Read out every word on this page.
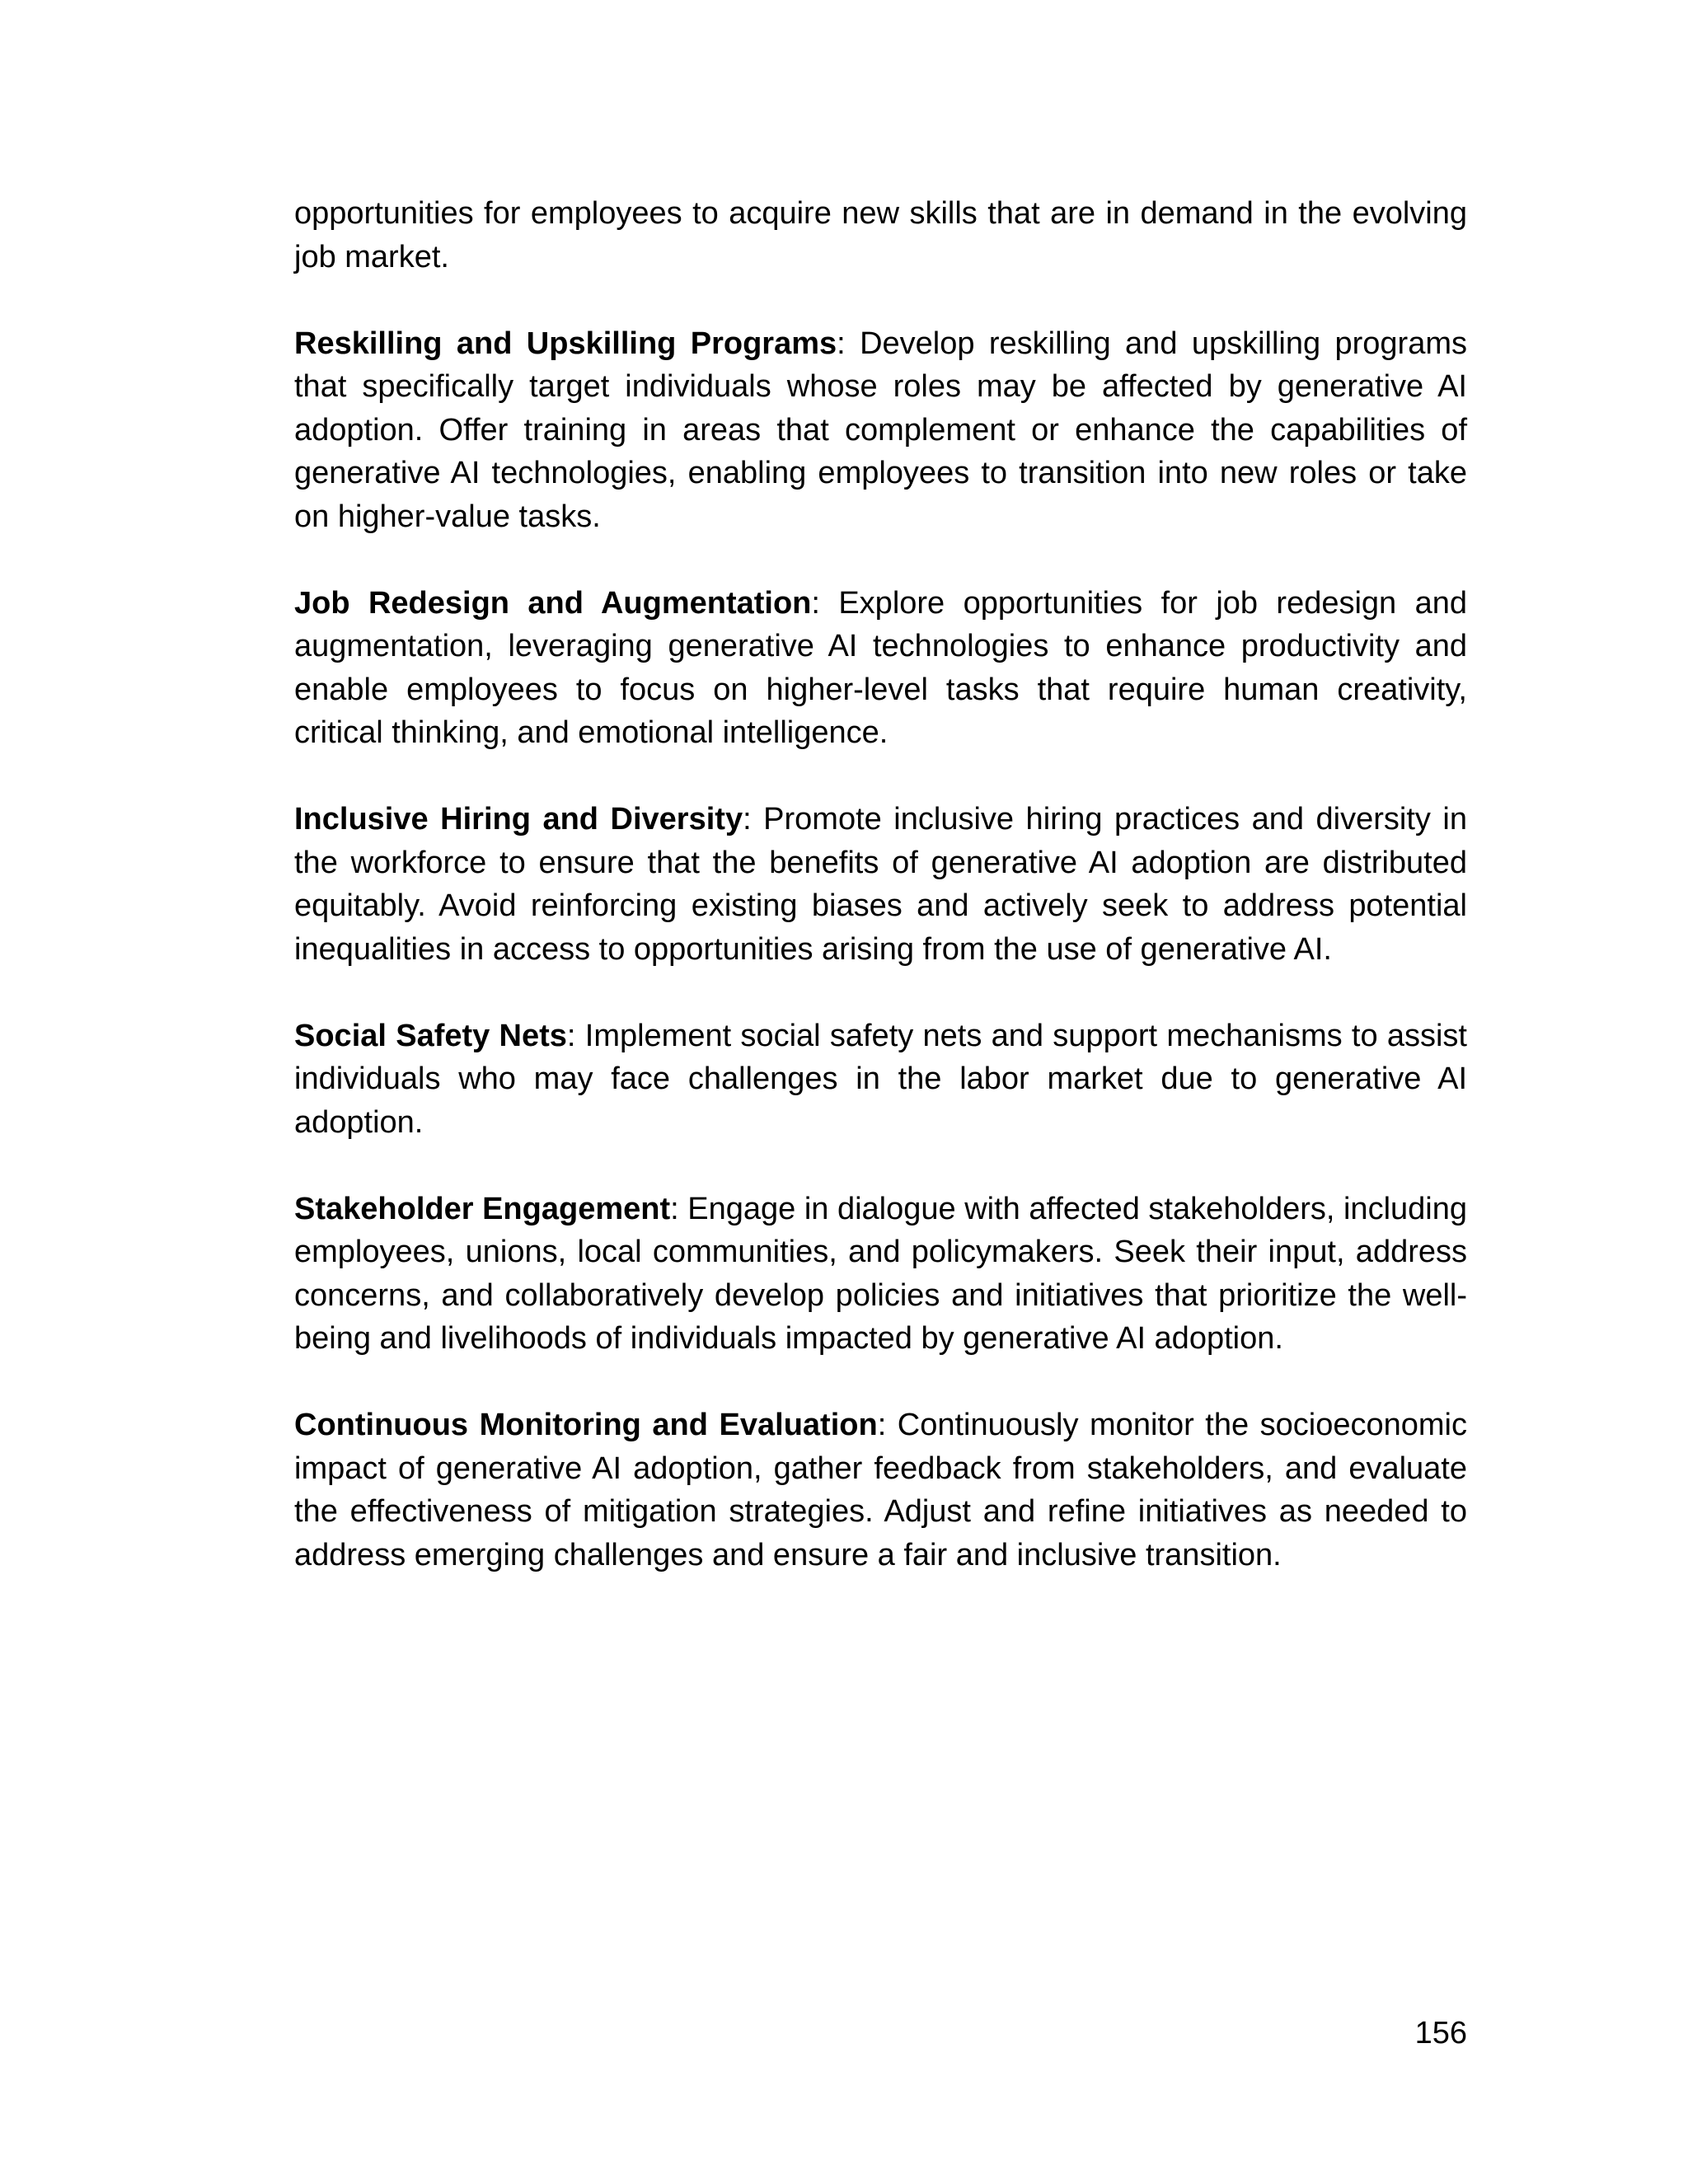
opportunities for employees to acquire new skills that are in demand in the evolving job market.

Reskilling and Upskilling Programs: Develop reskilling and upskilling programs that specifically target individuals whose roles may be affected by generative AI adoption. Offer training in areas that complement or enhance the capabilities of generative AI technologies, enabling employees to transition into new roles or take on higher-value tasks.

Job Redesign and Augmentation: Explore opportunities for job redesign and augmentation, leveraging generative AI technologies to enhance productivity and enable employees to focus on higher-level tasks that require human creativity, critical thinking, and emotional intelligence.

Inclusive Hiring and Diversity: Promote inclusive hiring practices and diversity in the workforce to ensure that the benefits of generative AI adoption are distributed equitably. Avoid reinforcing existing biases and actively seek to address potential inequalities in access to opportunities arising from the use of generative AI.

Social Safety Nets: Implement social safety nets and support mechanisms to assist individuals who may face challenges in the labor market due to generative AI adoption.

Stakeholder Engagement: Engage in dialogue with affected stakeholders, including employees, unions, local communities, and policymakers. Seek their input, address concerns, and collaboratively develop policies and initiatives that prioritize the well-being and livelihoods of individuals impacted by generative AI adoption.

Continuous Monitoring and Evaluation: Continuously monitor the socioeconomic impact of generative AI adoption, gather feedback from stakeholders, and evaluate the effectiveness of mitigation strategies. Adjust and refine initiatives as needed to address emerging challenges and ensure a fair and inclusive transition.

156
